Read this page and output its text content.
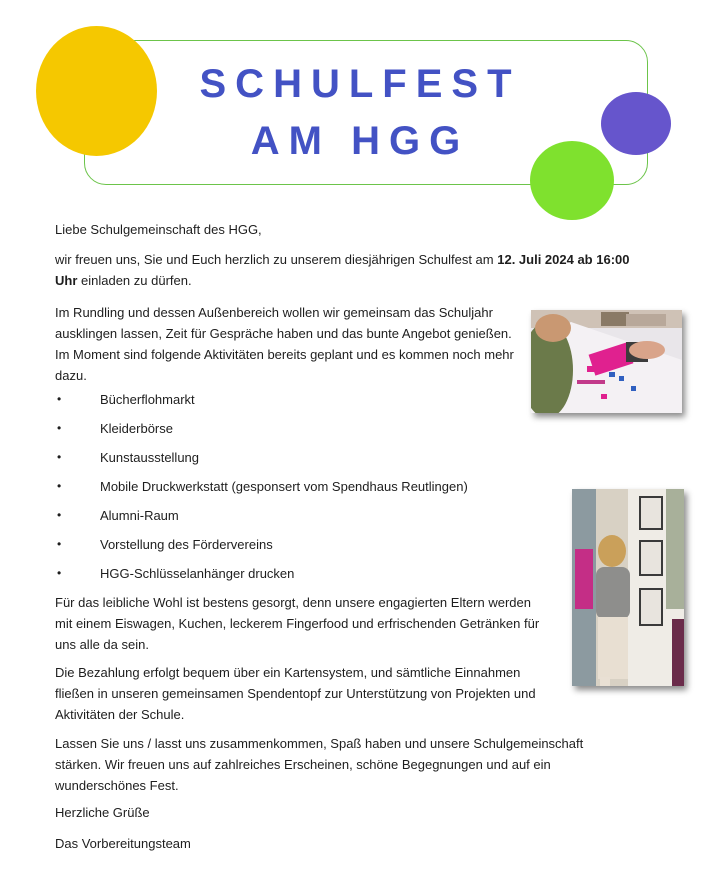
SCHULFEST
AM HGG
Liebe Schulgemeinschaft des HGG,
wir freuen uns, Sie und Euch herzlich zu unserem diesjährigen Schulfest am 12. Juli 2024 ab 16:00 Uhr einladen zu dürfen.
Im Rundling und dessen Außenbereich wollen wir gemeinsam das Schuljahr ausklingen lassen, Zeit für Gespräche haben und das bunte Angebot genießen. Im Moment sind folgende Aktivitäten bereits geplant und es kommen noch mehr dazu.
•	Bücherflohmarkt
•	Kleiderbörse
•	Kunstausstellung
•	Mobile Druckwerkstatt (gesponsert vom Spendhaus Reutlingen)
•	Alumni-Raum
•	Vorstellung des Fördervereins
•	HGG-Schlüsselanhänger drucken
Für das leibliche Wohl ist bestens gesorgt, denn unsere engagierten Eltern werden mit einem Eiswagen, Kuchen, leckerem Fingerfood und erfrischenden Getränken für uns alle da sein.
Die Bezahlung erfolgt bequem über ein Kartensystem, und sämtliche Einnahmen fließen in unseren gemeinsamen Spendentopf zur Unterstützung von Projekten und Aktivitäten der Schule.
Lassen Sie uns / lasst uns zusammenkommen, Spaß haben und unsere Schulgemeinschaft stärken. Wir freuen uns auf zahlreiches Erscheinen, schöne Begegnungen und auf ein wunderschönes Fest.
Herzliche Grüße
Das Vorbereitungsteam
